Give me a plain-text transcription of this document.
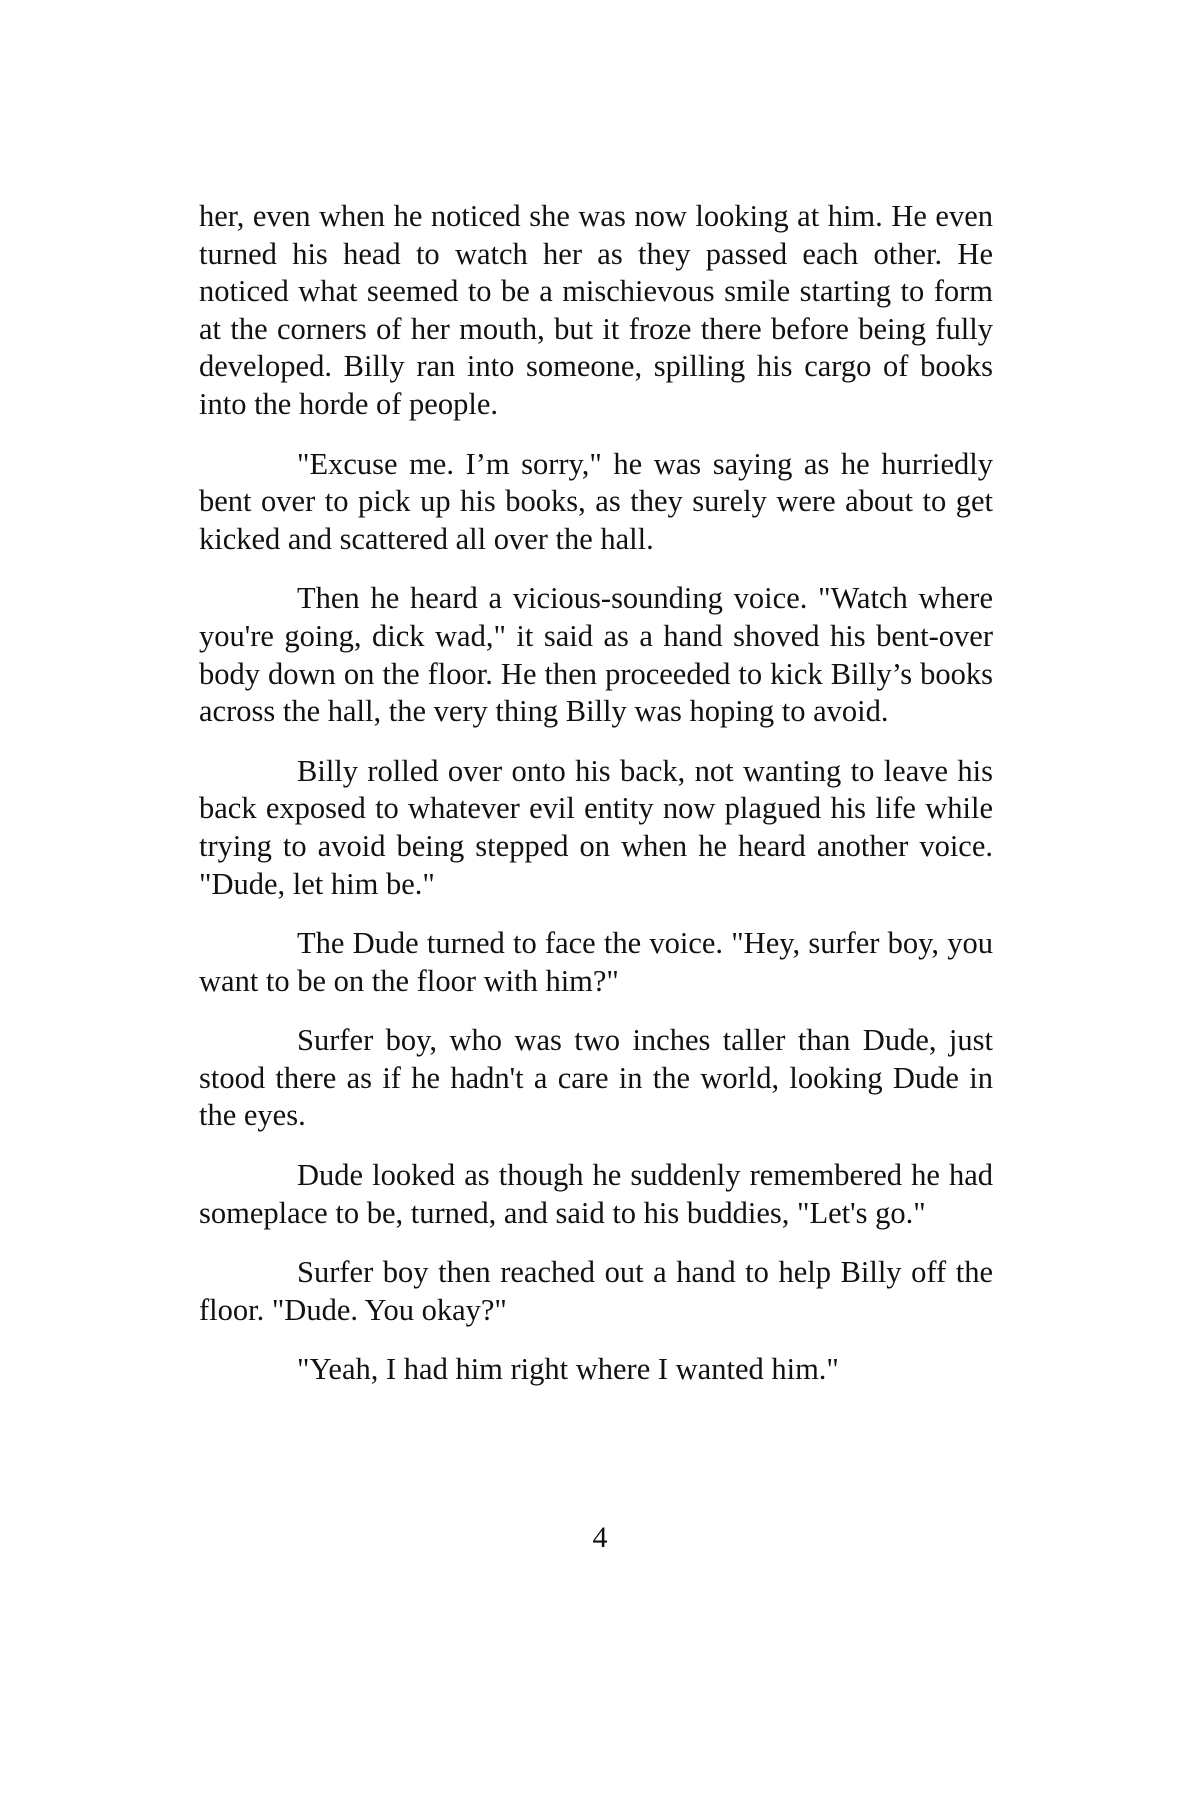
her, even when he noticed she was now looking at him. He even turned his head to watch her as they passed each other. He noticed what seemed to be a mischievous smile starting to form at the corners of her mouth, but it froze there before being fully developed. Billy ran into someone, spilling his cargo of books into the horde of people.

"Excuse me. I’m sorry," he was saying as he hurriedly bent over to pick up his books, as they surely were about to get kicked and scattered all over the hall.

Then he heard a vicious-sounding voice. "Watch where you're going, dick wad," it said as a hand shoved his bent-over body down on the floor. He then proceeded to kick Billy’s books across the hall, the very thing Billy was hoping to avoid.

Billy rolled over onto his back, not wanting to leave his back exposed to whatever evil entity now plagued his life while trying to avoid being stepped on when he heard another voice. "Dude, let him be."

The Dude turned to face the voice. "Hey, surfer boy, you want to be on the floor with him?"

Surfer boy, who was two inches taller than Dude, just stood there as if he hadn't a care in the world, looking Dude in the eyes.

Dude looked as though he suddenly remembered he had someplace to be, turned, and said to his buddies, "Let's go."

Surfer boy then reached out a hand to help Billy off the floor. "Dude. You okay?"

"Yeah, I had him right where I wanted him."

4
